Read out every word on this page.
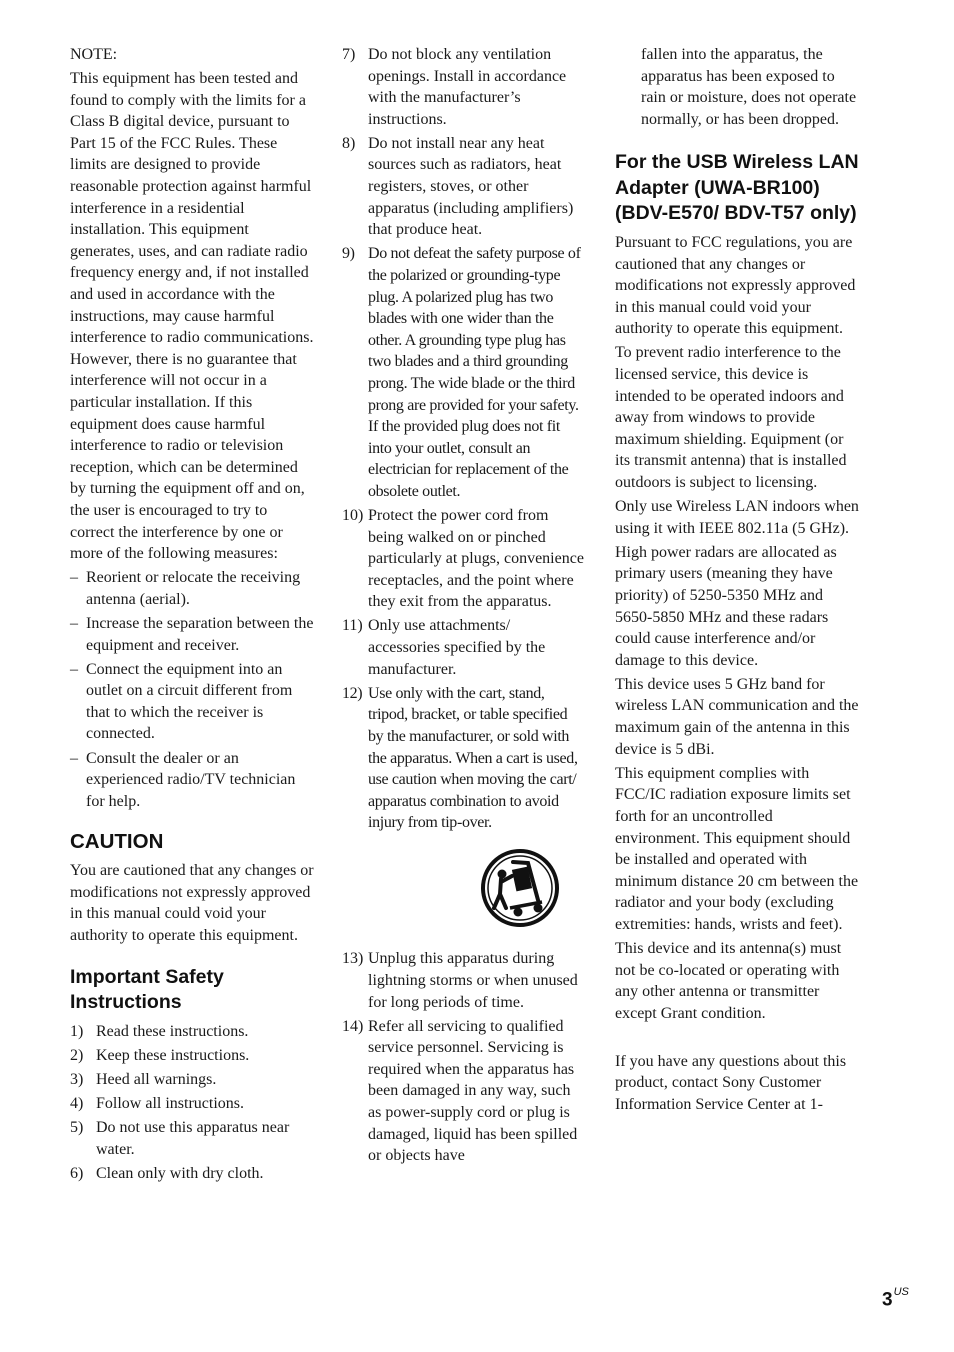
NOTE:

This equipment has been tested and found to comply with the limits for a Class B digital device, pursuant to Part 15 of the FCC Rules. These limits are designed to provide reasonable protection against harmful interference in a residential installation. This equipment generates, uses, and can radiate radio frequency energy and, if not installed and used in accordance with the instructions, may cause harmful interference to radio communications. However, there is no guarantee that interference will not occur in a particular installation. If this equipment does cause harmful interference to radio or television reception, which can be determined by turning the equipment off and on, the user is encouraged to try to correct the interference by one or more of the following measures:

– Reorient or relocate the receiving antenna (aerial).
– Increase the separation between the equipment and receiver.
– Connect the equipment into an outlet on a circuit different from that to which the receiver is connected.
– Consult the dealer or an experienced radio/TV technician for help.
CAUTION

You are cautioned that any changes or modifications not expressly approved in this manual could void your authority to operate this equipment.

Important Safety Instructions
1) Read these instructions.
2) Keep these instructions.
3) Heed all warnings.
4) Follow all instructions.
5) Do not use this apparatus near water.
6) Clean only with dry cloth.
7) Do not block any ventilation openings. Install in accordance with the manufacturer’s instructions.
8) Do not install near any heat sources such as radiators, heat registers, stoves, or other apparatus (including amplifiers) that produce heat.
9) Do not defeat the safety purpose of the polarized or grounding-type plug. A polarized plug has two blades with one wider than the other. A grounding type plug has two blades and a third grounding prong. The wide blade or the third prong are provided for your safety. If the provided plug does not fit into your outlet, consult an electrician for replacement of the obsolete outlet.
10) Protect the power cord from being walked on or pinched particularly at plugs, convenience receptacles, and the point where they exit from the apparatus.
11) Only use attachments/ accessories specified by the manufacturer.
12) Use only with the cart, stand, tripod, bracket, or table specified by the manufacturer, or sold with the apparatus. When a cart is used, use caution when moving the cart/ apparatus combination to avoid injury from tip-over.
13) Unplug this apparatus during lightning storms or when unused for long periods of time.
14) Refer all servicing to qualified service personnel. Servicing is required when the apparatus has been damaged in any way, such as power-supply cord or plug is damaged, liquid has been spilled or objects have
fallen into the apparatus, the apparatus has been exposed to rain or moisture, does not operate normally, or has been dropped.
For the USB Wireless LAN Adapter (UWA-BR100) (BDV-E570/ BDV-T57 only)

Pursuant to FCC regulations, you are cautioned that any changes or modifications not expressly approved in this manual could void your authority to operate this equipment.

To prevent radio interference to the licensed service, this device is intended to be operated indoors and away from windows to provide maximum shielding. Equipment (or its transmit antenna) that is installed outdoors is subject to licensing.

Only use Wireless LAN indoors when using it with IEEE 802.11a (5 GHz).

High power radars are allocated as primary users (meaning they have priority) of 5250-5350 MHz and 5650-5850 MHz and these radars could cause interference and/or damage to this device.

This device uses 5 GHz band for wireless LAN communication and the maximum gain of the antenna in this device is 5 dBi.

This equipment complies with FCC/IC radiation exposure limits set forth for an uncontrolled environment. This equipment should be installed and operated with minimum distance 20 cm between the radiator and your body (excluding extremities: hands, wrists and feet).

This device and its antenna(s) must not be co-located or operating with any other antenna or transmitter except Grant condition.

If you have any questions about this product, contact Sony Customer Information Service Center at 1-

$3^{US}$
